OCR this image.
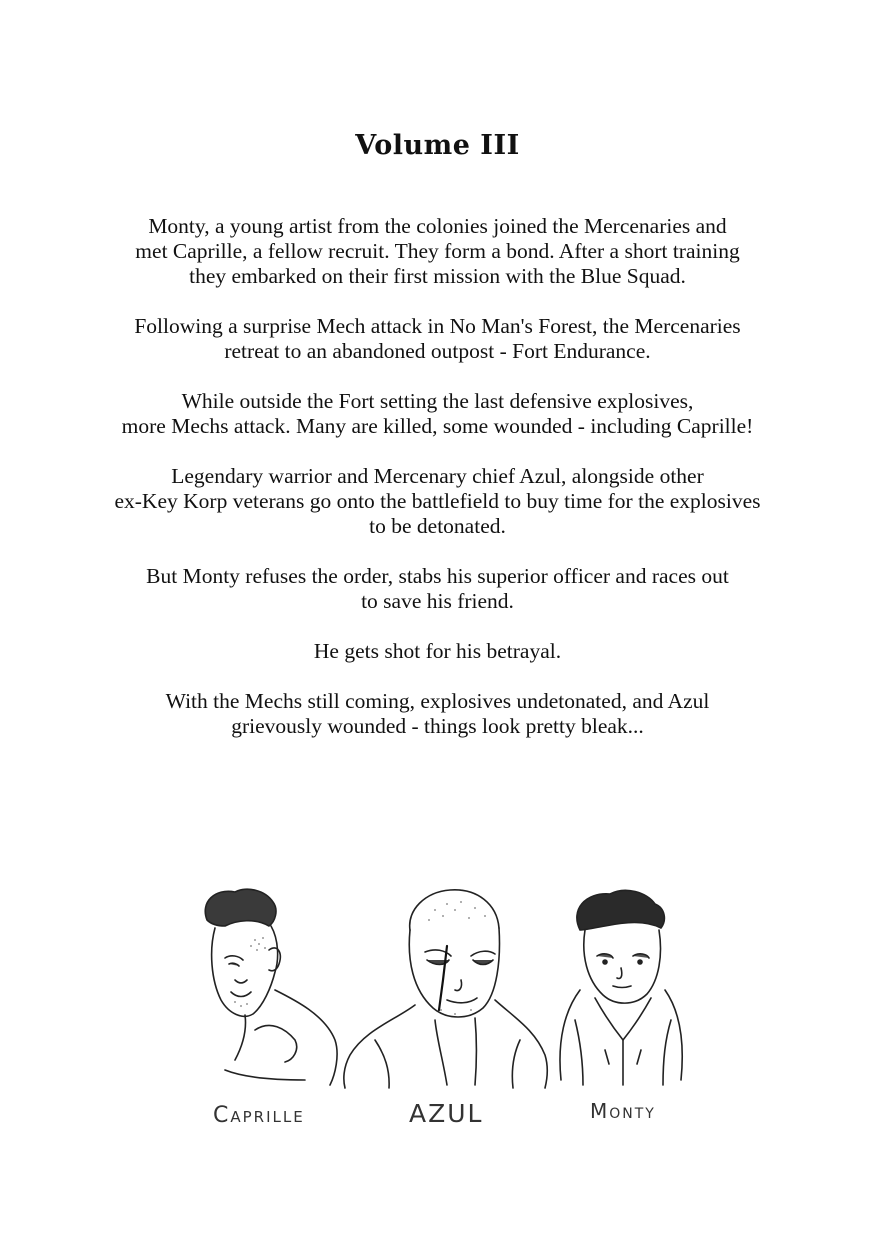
Volume III

Monty, a young artist from the colonies joined the Mercenaries and
met Caprille, a fellow recruit. They form a bond. After a short training
they embarked on their first mission with the Blue Squad.

Following a surprise Mech attack in No Man's Forest, the Mercenaries
retreat to an abandoned outpost - Fort Endurance.

While outside the Fort setting the last defensive explosives,
more Mechs attack. Many are killed, some wounded - including Caprille!

Legendary warrior and Mercenary chief Azul, alongside other
ex-Key Korp veterans go onto the battlefield to buy time for the explosives
to be detonated.

But Monty refuses the order, stabs his superior officer and races out
to save his friend.

He gets shot for his betrayal.

With the Mechs still coming, explosives undetonated, and Azul
grievously wounded - things look pretty bleak...

Caprille	AZUL	Monty
